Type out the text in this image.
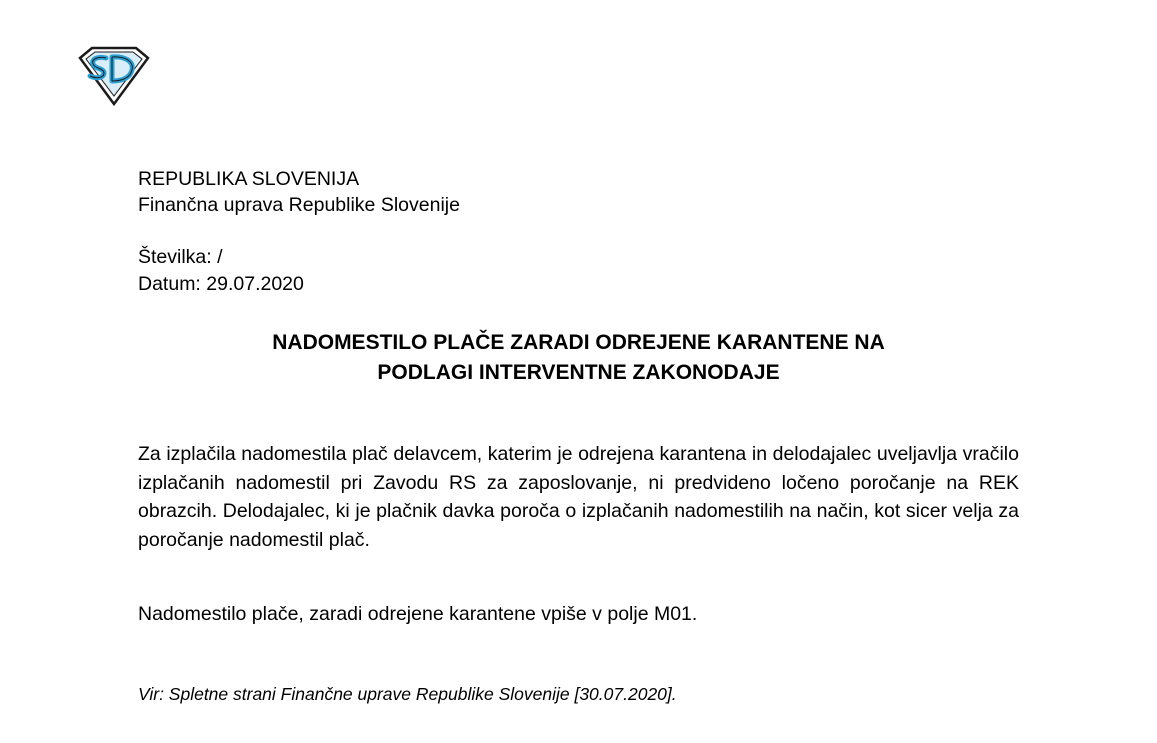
REPUBLIKA SLOVENIJA
Finančna uprava Republike Slovenije
Številka: /
Datum: 29.07.2020
NADOMESTILO PLAČE ZARADI ODREJENE KARANTENE NA
PODLAGI INTERVENTNE ZAKONODAJE

Za izplačila nadomestila plač delavcem, katerim je odrejena karantena in delodajalec uveljavlja vračilo izplačanih nadomestil pri Zavodu RS za zaposlovanje, ni predvideno ločeno poročanje na REK obrazcih. Delodajalec, ki je plačnik davka poroča o izplačanih nadomestilih na način, kot sicer velja za poročanje nadomestil plač.

Nadomestilo plače, zaradi odrejene karantene vpiše v polje M01.

Vir: Spletne strani Finančne uprave Republike Slovenije [30.07.2020].
